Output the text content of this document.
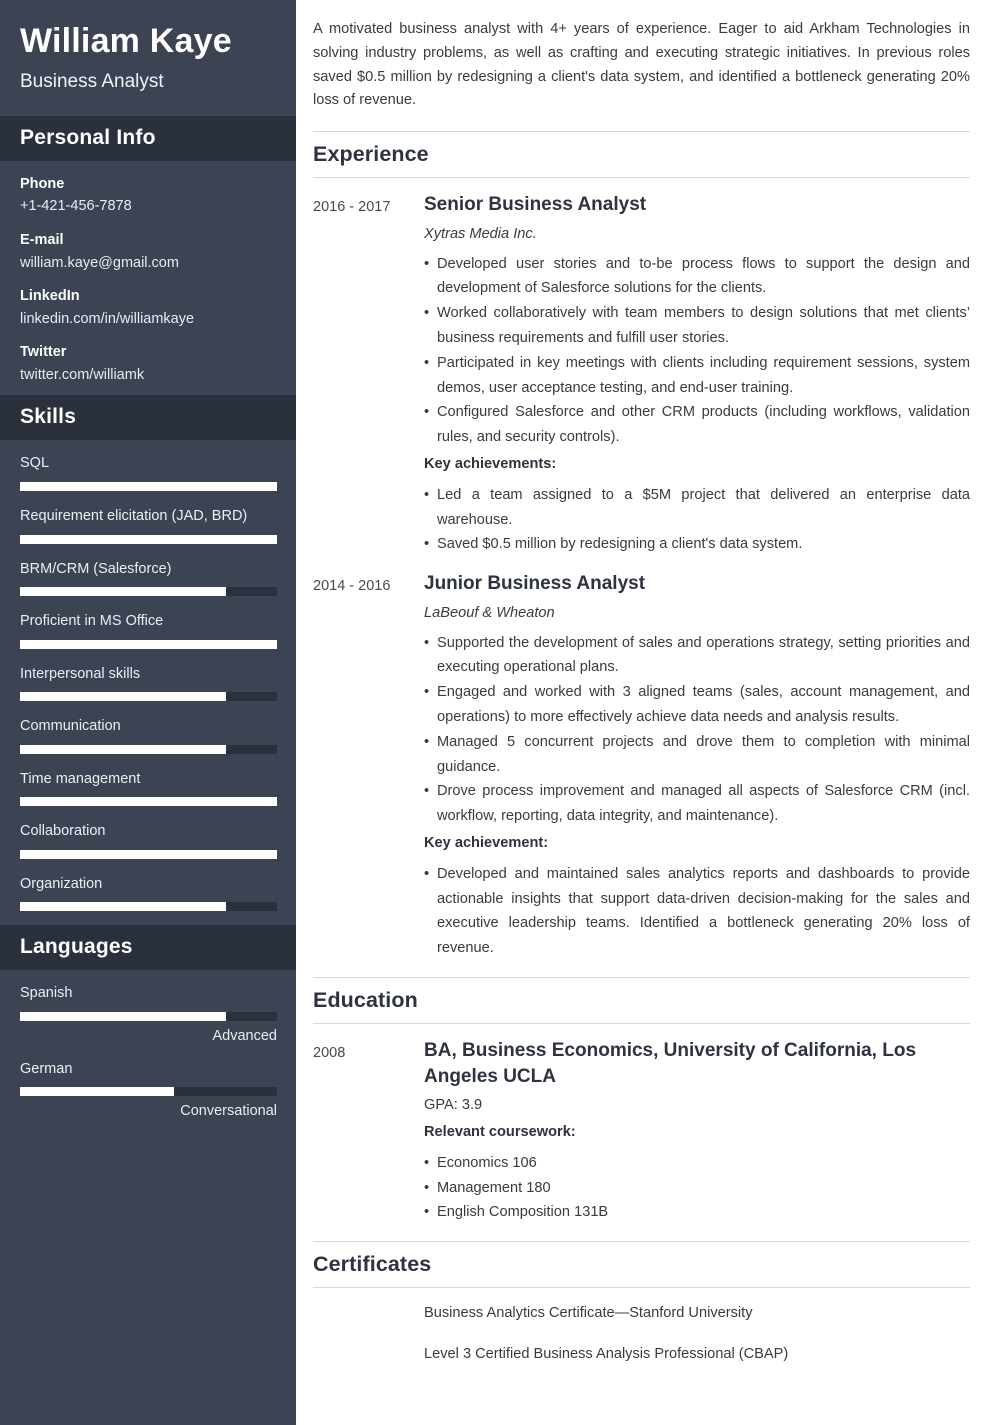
William Kaye
Business Analyst
Personal Info
Phone
+1-421-456-7878
E-mail
william.kaye@gmail.com
LinkedIn
linkedin.com/in/williamkaye
Twitter
twitter.com/williamk
Skills
SQL
Requirement elicitation (JAD, BRD)
BRM/CRM (Salesforce)
Proficient in MS Office
Interpersonal skills
Communication
Time management
Collaboration
Organization
Languages
Spanish
Advanced
German
Conversational

A motivated business analyst with 4+ years of experience. Eager to aid Arkham Technologies in solving industry problems, as well as crafting and executing strategic initiatives. In previous roles saved $0.5 million by redesigning a client's data system, and identified a bottleneck generating 20% loss of revenue.

Experience
2016 - 2017	Senior Business Analyst
Xytras Media Inc.
• Developed user stories and to-be process flows to support the design and development of Salesforce solutions for the clients.
• Worked collaboratively with team members to design solutions that met clients’ business requirements and fulfill user stories.
• Participated in key meetings with clients including requirement sessions, system demos, user acceptance testing, and end-user training.
• Configured Salesforce and other CRM products (including workflows, validation rules, and security controls).
Key achievements:
• Led a team assigned to a $5M project that delivered an enterprise data warehouse.
• Saved $0.5 million by redesigning a client's data system.
2014 - 2016	Junior Business Analyst
LaBeouf & Wheaton
• Supported the development of sales and operations strategy, setting priorities and executing operational plans.
• Engaged and worked with 3 aligned teams (sales, account management, and operations) to more effectively achieve data needs and analysis results.
• Managed 5 concurrent projects and drove them to completion with minimal guidance.
• Drove process improvement and managed all aspects of Salesforce CRM (incl. workflow, reporting, data integrity, and maintenance).
Key achievement:
• Developed and maintained sales analytics reports and dashboards to provide actionable insights that support data-driven decision-making for the sales and executive leadership teams. Identified a bottleneck generating 20% loss of revenue.
Education
2008	BA, Business Economics, University of California, Los Angeles UCLA
GPA: 3.9
Relevant coursework:
• Economics 106
• Management 180
• English Composition 131B
Certificates
Business Analytics Certificate—Stanford University
Level 3 Certified Business Analysis Professional (CBAP)
